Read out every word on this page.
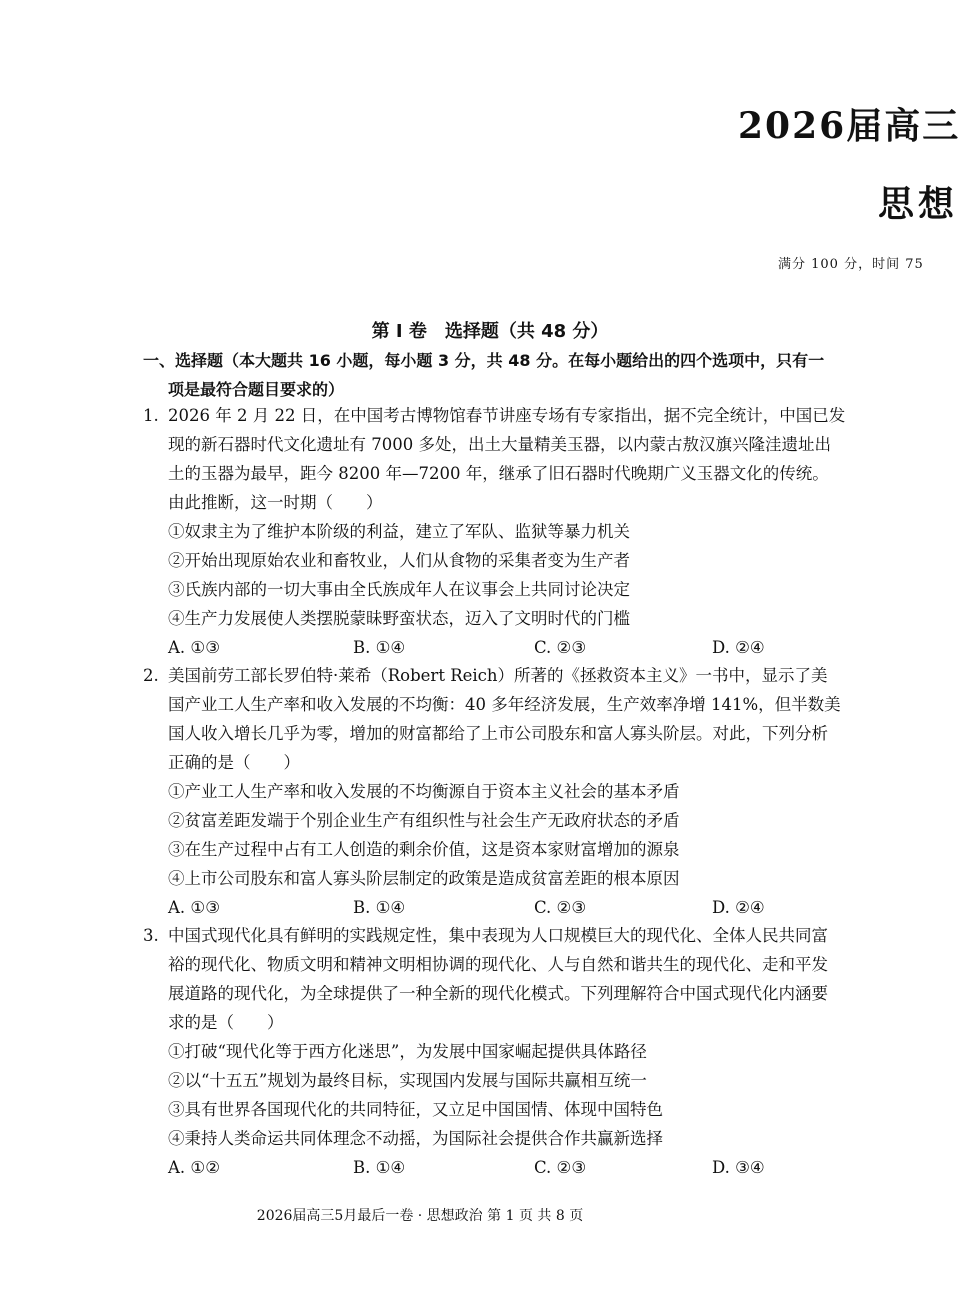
2026届高三
思想
满分 100 分，时间 75
第 Ⅰ 卷　选择题（共 48 分）
一、选择题（本大题共 16 小题，每小题 3 分，共 48 分。在每小题给出的四个选项中，只有一
项是最符合题目要求的）
1. 2026 年 2 月 22 日，在中国考古博物馆春节讲座专场有专家指出，据不完全统计，中国已发
现的新石器时代文化遗址有 7000 多处，出土大量精美玉器，以内蒙古敖汉旗兴隆洼遗址出
土的玉器为最早，距今 8200 年—7200 年，继承了旧石器时代晚期广义玉器文化的传统。
由此推断，这一时期（　　）
①奴隶主为了维护本阶级的利益，建立了军队、监狱等暴力机关
②开始出现原始农业和畜牧业，人们从食物的采集者变为生产者
③氏族内部的一切大事由全氏族成年人在议事会上共同讨论决定
④生产力发展使人类摆脱蒙昧野蛮状态，迈入了文明时代的门槛
A. ①③	B. ①④	C. ②③	D. ②④
2. 美国前劳工部长罗伯特·莱希（Robert Reich）所著的《拯救资本主义》一书中，显示了美
国产业工人生产率和收入发展的不均衡：40 多年经济发展，生产效率净增 141%，但半数美
国人收入增长几乎为零，增加的财富都给了上市公司股东和富人寡头阶层。对此，下列分析
正确的是（　　）
①产业工人生产率和收入发展的不均衡源自于资本主义社会的基本矛盾
②贫富差距发端于个别企业生产有组织性与社会生产无政府状态的矛盾
③在生产过程中占有工人创造的剩余价值，这是资本家财富增加的源泉
④上市公司股东和富人寡头阶层制定的政策是造成贫富差距的根本原因
A. ①③	B. ①④	C. ②③	D. ②④
3. 中国式现代化具有鲜明的实践规定性，集中表现为人口规模巨大的现代化、全体人民共同富
裕的现代化、物质文明和精神文明相协调的现代化、人与自然和谐共生的现代化、走和平发
展道路的现代化，为全球提供了一种全新的现代化模式。下列理解符合中国式现代化内涵要
求的是（　　）
①打破“现代化等于西方化迷思”，为发展中国家崛起提供具体路径
②以“十五五”规划为最终目标，实现国内发展与国际共赢相互统一
③具有世界各国现代化的共同特征，又立足中国国情、体现中国特色
④秉持人类命运共同体理念不动摇，为国际社会提供合作共赢新选择
A. ①②	B. ①④	C. ②③	D. ③④
2026届高三5月最后一卷 · 思想政治 第 1 页 共 8 页
